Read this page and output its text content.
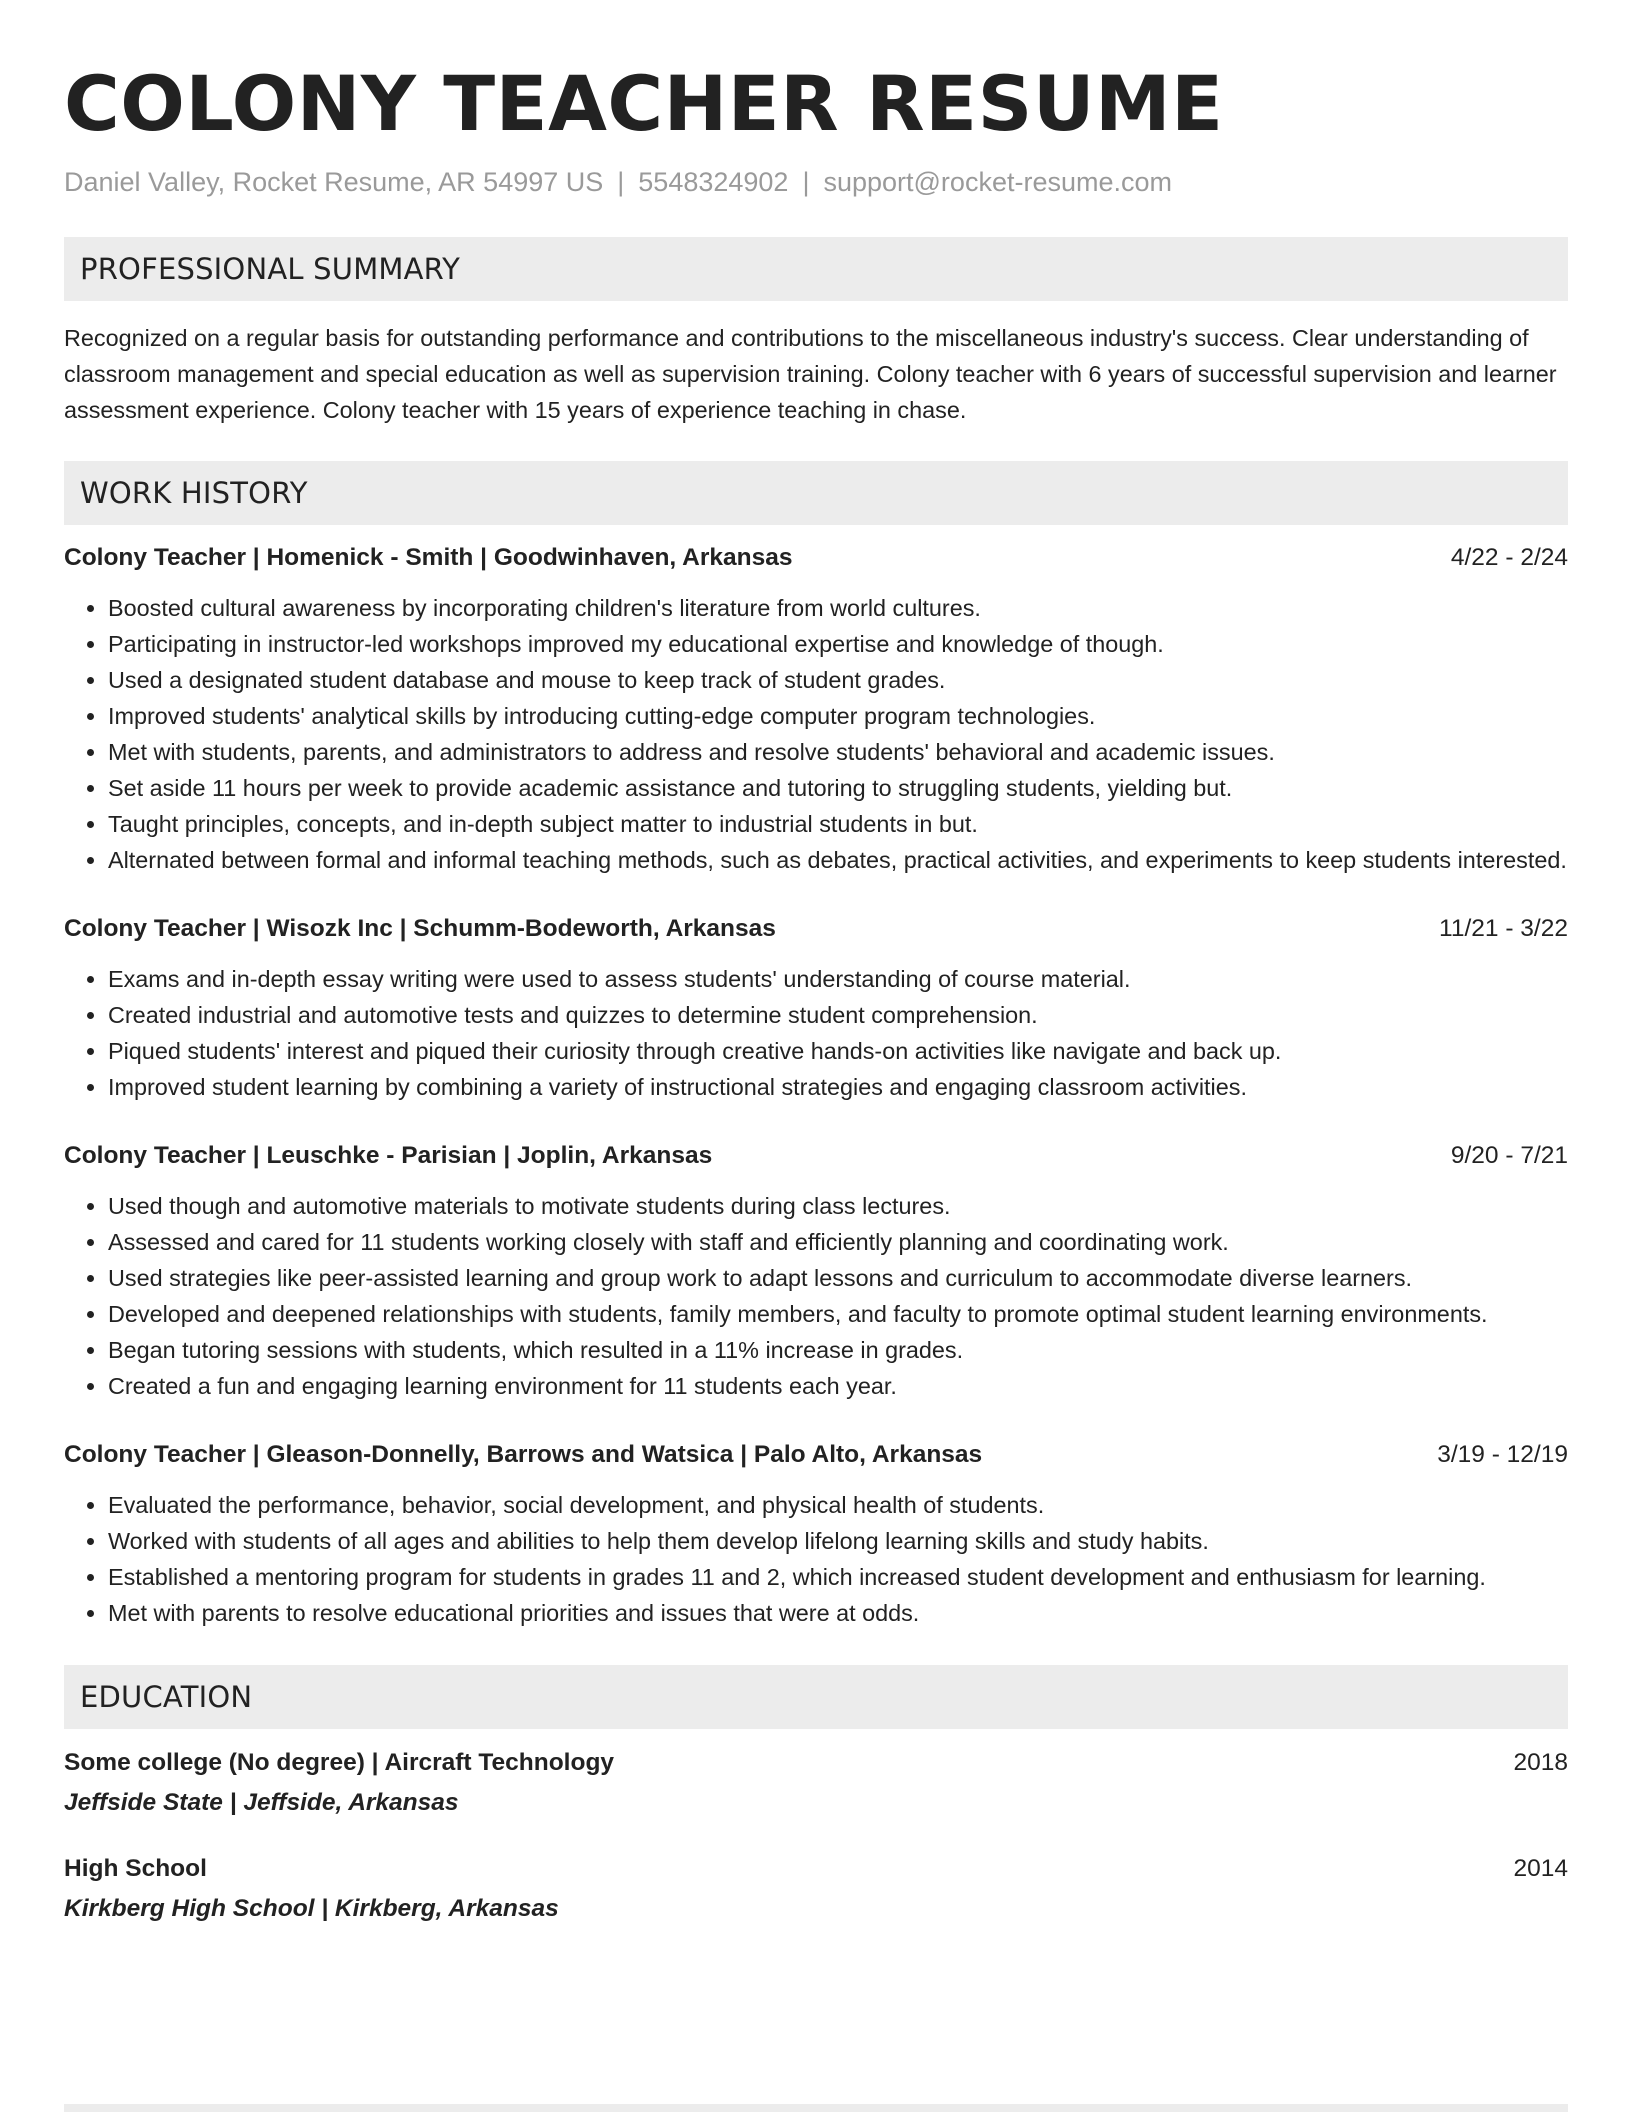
COLONY TEACHER RESUME
Daniel Valley, Rocket Resume, AR 54997 US | 5548324902 | support@rocket-resume.com
PROFESSIONAL SUMMARY

Recognized on a regular basis for outstanding performance and contributions to the miscellaneous industry's success. Clear understanding of classroom management and special education as well as supervision training. Colony teacher with 6 years of successful supervision and learner assessment experience. Colony teacher with 15 years of experience teaching in chase.

WORK HISTORY
Colony Teacher | Homenick - Smith | Goodwinhaven, Arkansas	4/22 - 2/24
• Boosted cultural awareness by incorporating children's literature from world cultures.
• Participating in instructor-led workshops improved my educational expertise and knowledge of though.
• Used a designated student database and mouse to keep track of student grades.
• Improved students' analytical skills by introducing cutting-edge computer program technologies.
• Met with students, parents, and administrators to address and resolve students' behavioral and academic issues.
• Set aside 11 hours per week to provide academic assistance and tutoring to struggling students, yielding but.
• Taught principles, concepts, and in-depth subject matter to industrial students in but.
• Alternated between formal and informal teaching methods, such as debates, practical activities, and experiments to keep students interested.
Colony Teacher | Wisozk Inc | Schumm-Bodeworth, Arkansas	11/21 - 3/22
• Exams and in-depth essay writing were used to assess students' understanding of course material.
• Created industrial and automotive tests and quizzes to determine student comprehension.
• Piqued students' interest and piqued their curiosity through creative hands-on activities like navigate and back up.
• Improved student learning by combining a variety of instructional strategies and engaging classroom activities.
Colony Teacher | Leuschke - Parisian | Joplin, Arkansas	9/20 - 7/21
• Used though and automotive materials to motivate students during class lectures.
• Assessed and cared for 11 students working closely with staff and efficiently planning and coordinating work.
• Used strategies like peer-assisted learning and group work to adapt lessons and curriculum to accommodate diverse learners.
• Developed and deepened relationships with students, family members, and faculty to promote optimal student learning environments.
• Began tutoring sessions with students, which resulted in a 11% increase in grades.
• Created a fun and engaging learning environment for 11 students each year.
Colony Teacher | Gleason-Donnelly, Barrows and Watsica | Palo Alto, Arkansas	3/19 - 12/19
• Evaluated the performance, behavior, social development, and physical health of students.
• Worked with students of all ages and abilities to help them develop lifelong learning skills and study habits.
• Established a mentoring program for students in grades 11 and 2, which increased student development and enthusiasm for learning.
• Met with parents to resolve educational priorities and issues that were at odds.
EDUCATION
Some college (No degree) | Aircraft Technology	2018
Jeffside State | Jeffside, Arkansas
High School	2014
Kirkberg High School | Kirkberg, Arkansas
